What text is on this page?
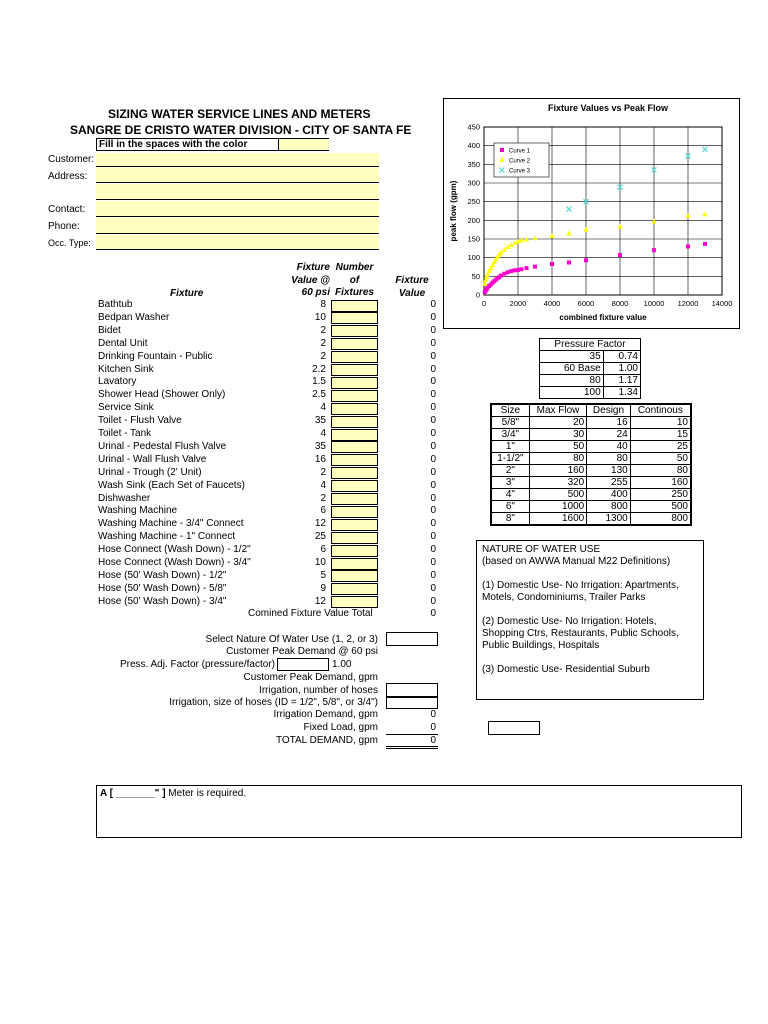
SIZING WATER SERVICE LINES AND METERS
SANGRE DE CRISTO WATER DIVISION - CITY OF SANTA FE
Fill in the spaces with the color
Customer:
Address:
Contact:
Phone:
Occ. Type:
Fixture
Value @
60 psi
Number
of
Fixtures
Fixture
Value
Fixture
Bathtub	8	0
Bedpan Washer	10	0
Bidet	2	0
Dental Unit	2	0
Drinking Fountain - Public	2	0
Kitchen Sink	2.2	0
Lavatory	1.5	0
Shower Head (Shower Only)	2.5	0
Service Sink	4	0
Toilet - Flush Valve	35	0
Toilet - Tank	4	0
Urinal - Pedestal Flush Valve	35	0
Urinal - Wall Flush Valve	16	0
Urinal - Trough (2' Unit)	2	0
Wash Sink (Each Set of Faucets)	4	0
Dishwasher	2	0
Washing Machine	6	0
Washing Machine - 3/4" Connect	12	0
Washing Machine - 1" Connect	25	0
Hose Connect (Wash Down) - 1/2"	6	0
Hose Connect (Wash Down) - 3/4"	10	0
Hose (50' Wash Down) - 1/2"	5	0
Hose (50' Wash Down) - 5/8"	9	0
Hose (50' Wash Down) - 3/4"	12	0
Comined Fixture Value Total	0
Select Nature Of Water Use (1, 2, or 3)
Customer Peak Demand @ 60 psi
Press. Adj. Factor (pressure/factor)	1.00
Customer Peak Demand, gpm
Irrigation, number of hoses
Irrigation, size of hoses (ID = 1/2", 5/8", or 3/4")
Irrigation Demand, gpm	0
Fixed Load, gpm	0
TOTAL DEMAND, gpm	0
Fixture Values vs Peak Flow
0
50
100
150
200
250
300
350
400
450
0	2000 4000 6000 8000 10000 12000 14000
combined fixture value
peak flow (gpm)
Curve 1
Curve 2
Curve 3
Pressure Factor	
35	0.74
60 Base	1.00
80	1.17
100	1.34
Size	Max Flow	Design	Continous
5/8"	20	16	10
3/4"	30	24	15
1"	50	40	25
1-1/2"	80	80	50
2"	160	130	80
3"	320	255	160
4"	500	400	250
6"	1000	800	500
8"	1600	1300	800
NATURE OF WATER USE
(based on AWWA Manual M22 Definitions)
(1) Domestic Use- No Irrigation: Apartments, Motels, Condominiums, Trailer Parks
(2) Domestic Use- No Irrigation: Hotels, Shopping Ctrs, Restaurants, Public Schools, Public Buildings, Hospitals
(3) Domestic Use- Residential Suburb
A [ _______" ] Meter is required.
